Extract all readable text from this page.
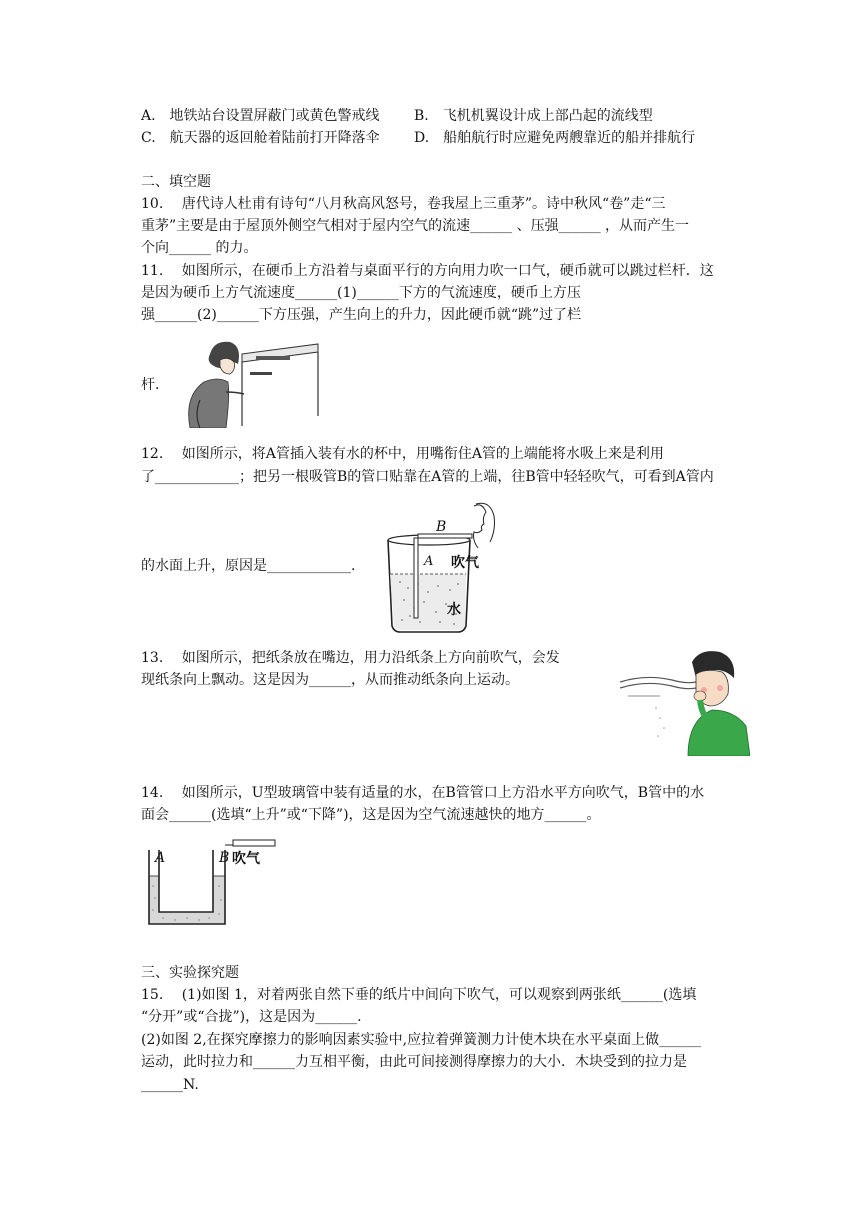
A.　地铁站台设置屏蔽门或黄色警戒线 B.　飞机机翼设计成上部凸起的流线型
C.　航天器的返回舱着陆前打开降落伞 D.　船舶航行时应避免两艘靠近的船并排航行
二、填空题
10.　 唐代诗人杜甫有诗句“八月秋高风怒号，卷我屋上三重茅”。诗中秋风“卷”走“三
重茅”主要是由于屋顶外侧空气相对于屋内空气的流速______ 、压强______ ，从而产生一
个向______ 的力。
11.　 如图所示，在硬币上方沿着与桌面平行的方向用力吹一口气，硬币就可以跳过栏杆．这
是因为硬币上方气流速度______(1)______下方的气流速度，硬币上方压
强______(2)______下方压强，产生向上的升力，因此硬币就“跳”过了栏
杆.
12.　 如图所示，将A管插入装有水的杯中，用嘴衔住A管的上端能将水吸上来是利用
了____________；把另一根吸管B的管口贴靠在A管的上端，往B管中轻轻吹气，可看到A管内
的水面上升，原因是____________.
B
A 吹气
水
13.　 如图所示，把纸条放在嘴边，用力沿纸条上方向前吹气，会发
现纸条向上飘动。这是因为______，从而推动纸条向上运动。
14.　 如图所示，U型玻璃管中装有适量的水，在B管管口上方沿水平方向吹气，B管中的水
面会______(选填“上升”或“下降”)，这是因为空气流速越快的地方______。
A	B 吹气
三、实验探究题
15.　 (1)如图 1，对着两张自然下垂的纸片中间向下吹气，可以观察到两张纸______(选填
“分开”或“合拢”)，这是因为______.
(2)如图 2,在探究摩擦力的影响因素实验中,应拉着弹簧测力计使木块在水平桌面上做______
运动，此时拉力和______力互相平衡，由此可间接测得摩擦力的大小．木块受到的拉力是
______N.
